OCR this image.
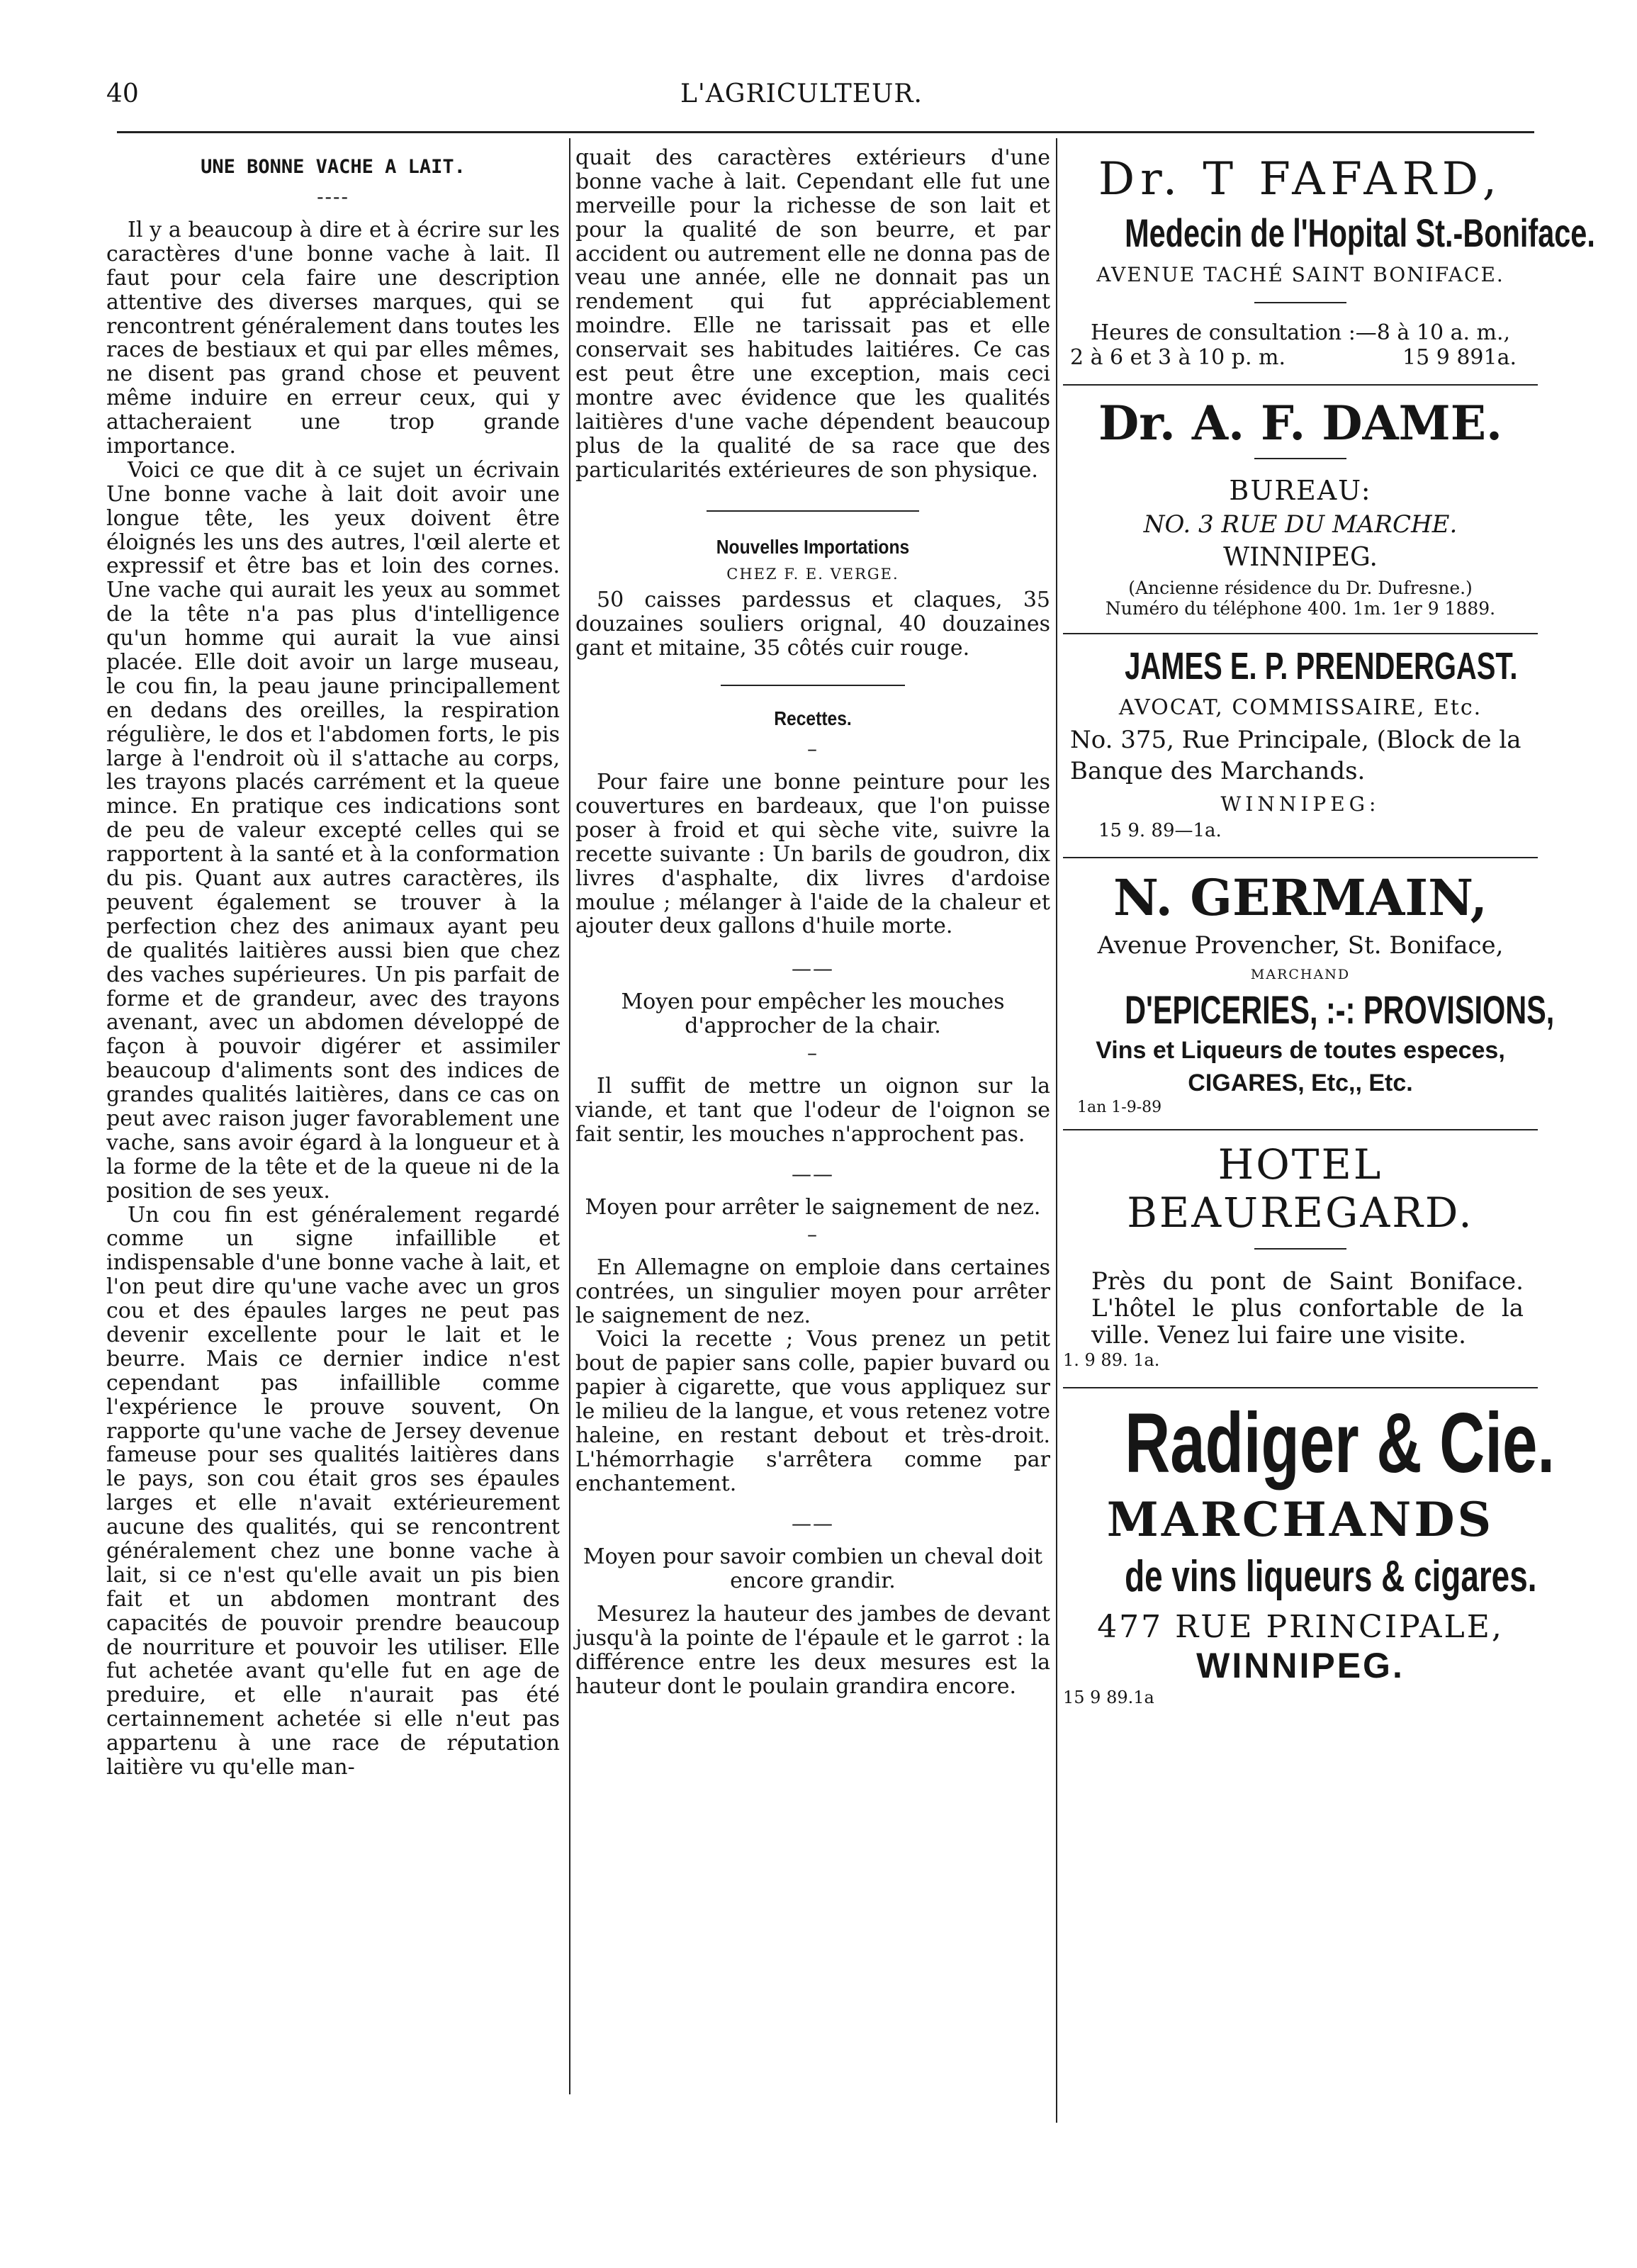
40	L'AGRICULTEUR.
UNE BONNE VACHE A LAIT.
----

Il y a beaucoup à dire et à écrire sur les caractères d'une bonne vache à lait. Il faut pour cela faire une description attentive des diverses marques, qui se rencontrent généralement dans toutes les races de bestiaux et qui par elles mêmes, ne disent pas grand chose et peuvent même induire en erreur ceux, qui y attacheraient une trop grande importance.

Voici ce que dit à ce sujet un écrivain Une bonne vache à lait doit avoir une longue tête, les yeux doivent être éloignés les uns des autres, l'œil alerte et expressif et être bas et loin des cornes. Une vache qui aurait les yeux au sommet de la tête n'a pas plus d'intelligence qu'un homme qui aurait la vue ainsi placée. Elle doit avoir un large museau, le cou fin, la peau jaune principallement en dedans des oreilles, la respiration régulière, le dos et l'abdomen forts, le pis large à l'endroit où il s'attache au corps, les trayons placés carrément et la queue mince. En pratique ces indications sont de peu de valeur excepté celles qui se rapportent à la santé et à la conformation du pis. Quant aux autres caractères, ils peuvent également se trouver à la perfection chez des animaux ayant peu de qualités laitières aussi bien que chez des vaches supérieures. Un pis parfait de forme et de grandeur, avec des trayons avenant, avec un abdomen développé de façon à pouvoir digérer et assimiler beaucoup d'aliments sont des indices de grandes qualités laitières, dans ce cas on peut avec raison juger favorablement une vache, sans avoir égard à la longueur et à la forme de la tête et de la queue ni de la position de ses yeux.

Un cou fin est généralement regardé comme un signe infaillible et indispensable d'une bonne vache à lait, et l'on peut dire qu'une vache avec un gros cou et des épaules larges ne peut pas devenir excellente pour le lait et le beurre. Mais ce dernier indice n'est cependant pas infaillible comme l'expérience le prouve souvent, On rapporte qu'une vache de Jersey devenue fameuse pour ses qualités laitières dans le pays, son cou était gros ses épaules larges et elle n'avait extérieurement aucune des qualités, qui se rencontrent généralement chez une bonne vache à lait, si ce n'est qu'elle avait un pis bien fait et un abdomen montrant des capacités de pouvoir prendre beaucoup de nourriture et pouvoir les utiliser. Elle fut achetée avant qu'elle fut en age de preduire, et elle n'aurait pas été certainnement achetée si elle n'eut pas appartenu à une race de réputation laitière vu qu'elle man-

quait des caractères extérieurs d'une bonne vache à lait. Cependant elle fut une merveille pour la richesse de son lait et pour la qualité de son beurre, et par accident ou autrement elle ne donna pas de veau une année, elle ne donnait pas un rendement qui fut appréciablement moindre. Elle ne tarissait pas et elle conservait ses habitudes laitiéres. Ce cas est peut être une exception, mais ceci montre avec évidence que les qualités laitières d'une vache dépendent beaucoup plus de la qualité de sa race que des particularités extérieures de son physique.

Nouvelles Importations
CHEZ F. E. VERGE.

50 caisses pardessus et claques, 35 douzaines souliers orignal, 40 douzaines gant et mitaine, 35 côtés cuir rouge.

Recettes.
–

Pour faire une bonne peinture pour les couvertures en bardeaux, que l'on puisse poser à froid et qui sèche vite, suivre la recette suivante : Un barils de goudron, dix livres d'asphalte, dix livres d'ardoise moulue ; mélanger à l'aide de la chaleur et ajouter deux gallons d'huile morte.

——

Moyen pour empêcher les mouches d'approcher de la chair.

–

Il suffit de mettre un oignon sur la viande, et tant que l'odeur de l'oignon se fait sentir, les mouches n'approchent pas.

——

Moyen pour arrêter le saignement de nez.

–

En Allemagne on emploie dans certaines contrées, un singulier moyen pour arrêter le saignement de nez.

Voici la recette ; Vous prenez un petit bout de papier sans colle, papier buvard ou papier à cigarette, que vous appliquez sur le milieu de la langue, et vous retenez votre haleine, en restant debout et très-droit. L'hémorrhagie s'arrêtera comme par enchantement.

——

Moyen pour savoir combien un cheval doit encore grandir.

Mesurez la hauteur des jambes de devant jusqu'à la pointe de l'épaule et le garrot : la différence entre les deux mesures est la hauteur dont le poulain grandira encore.

Dr. T FAFARD,
Medecin de l'Hopital St.-Boniface.
AVENUE TACHÉ SAINT BONIFACE.
Heures de consultation :—8 à 10 a. m.,
2 à 6 et 3 à 10 p. m.	15 9 891a.
Dr. A. F. DAME.
BUREAU:
NO. 3 RUE DU MARCHE.
WINNIPEG.
(Ancienne résidence du Dr. Dufresne.)
Numéro du téléphone 400. 1m. 1er 9 1889.
JAMES E. P. PRENDERGAST.
AVOCAT, COMMISSAIRE, Etc.
No. 375, Rue Principale, (Block de la Banque des Marchands.
WINNIPEG:
15 9. 89—1a.
N. GERMAIN,
Avenue Provencher, St. Boniface,
MARCHAND
D'EPICERIES, :-: PROVISIONS,
Vins et Liqueurs de toutes especes,
CIGARES, Etc,, Etc.
1an 1-9-89
HOTEL BEAUREGARD.
Près du pont de Saint Boniface. L'hôtel le plus confortable de la ville. Venez lui faire une visite.
1. 9 89. 1a.
Radiger & Cie.
MARCHANDS
de vins liqueurs & cigares.
477 RUE PRINCIPALE,
WINNIPEG.
15 9 89.1a
